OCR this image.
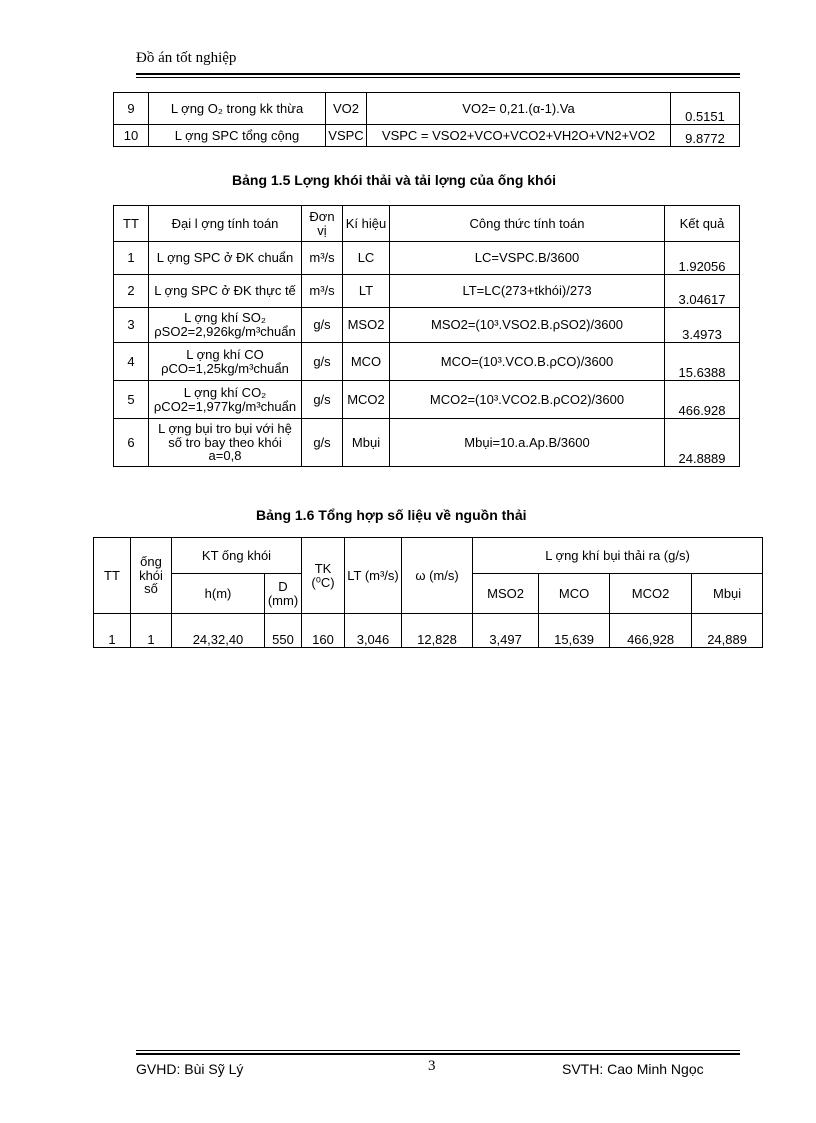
Đồ án tốt nghiệp
9	L ợng O₂ trong kk thừa	VO2	VO2= 0,21.(α-1).Va	0.5151
10	L ợng SPC tổng cộng	VSPC	VSPC = VSO2+VCO+VCO2+VH2O+VN2+VO2	9.8772
Bảng 1.5 Lợng khói thải và tải lợng của ống khói
TT	Đại l ợng tính toán	Đơn vị	Kí hiệu	Công thức tính toán	Kết quả
1	L ợng SPC ở ĐK chuẩn	m³/s	LC	LC=VSPC.B/3600	1.92056
2	L ợng SPC ở ĐK thực tế	m³/s	LT	LT=LC(273+tkhói)/273	3.04617
3	L ợng khí SO₂ ρSO2=2,926kg/m³chuẩn	g/s	MSO2	MSO2=(10³.VSO2.B.ρSO2)/3600	3.4973
4	L ợng khí CO ρCO=1,25kg/m³chuẩn	g/s	MCO	MCO=(10³.VCO.B.ρCO)/3600	15.6388
5	L ợng khí CO₂ ρCO2=1,977kg/m³chuẩn	g/s	MCO2	MCO2=(10³.VCO2.B.ρCO2)/3600	466.928
6	L ợng bụi tro bụi với hệ số tro bay theo khói a=0,8	g/s	Mbụi	Mbụi=10.a.Ap.B/3600	24.8889
Bảng 1.6 Tổng hợp số liệu về nguồn thải
TT	ống khói số	KT ống khói		TK (⁰C)	LT (m³/s)	ω (m/s)	L ợng khí bụi thải ra (g/s)			
		h(m)	D (mm)				MSO2	MCO	MCO2	Mbụi
1	1	24,32,40	550	160	3,046	12,828	3,497	15,639	466,928	24,889
GVHD: Bùi Sỹ Lý	3	SVTH: Cao Minh Ngọc
